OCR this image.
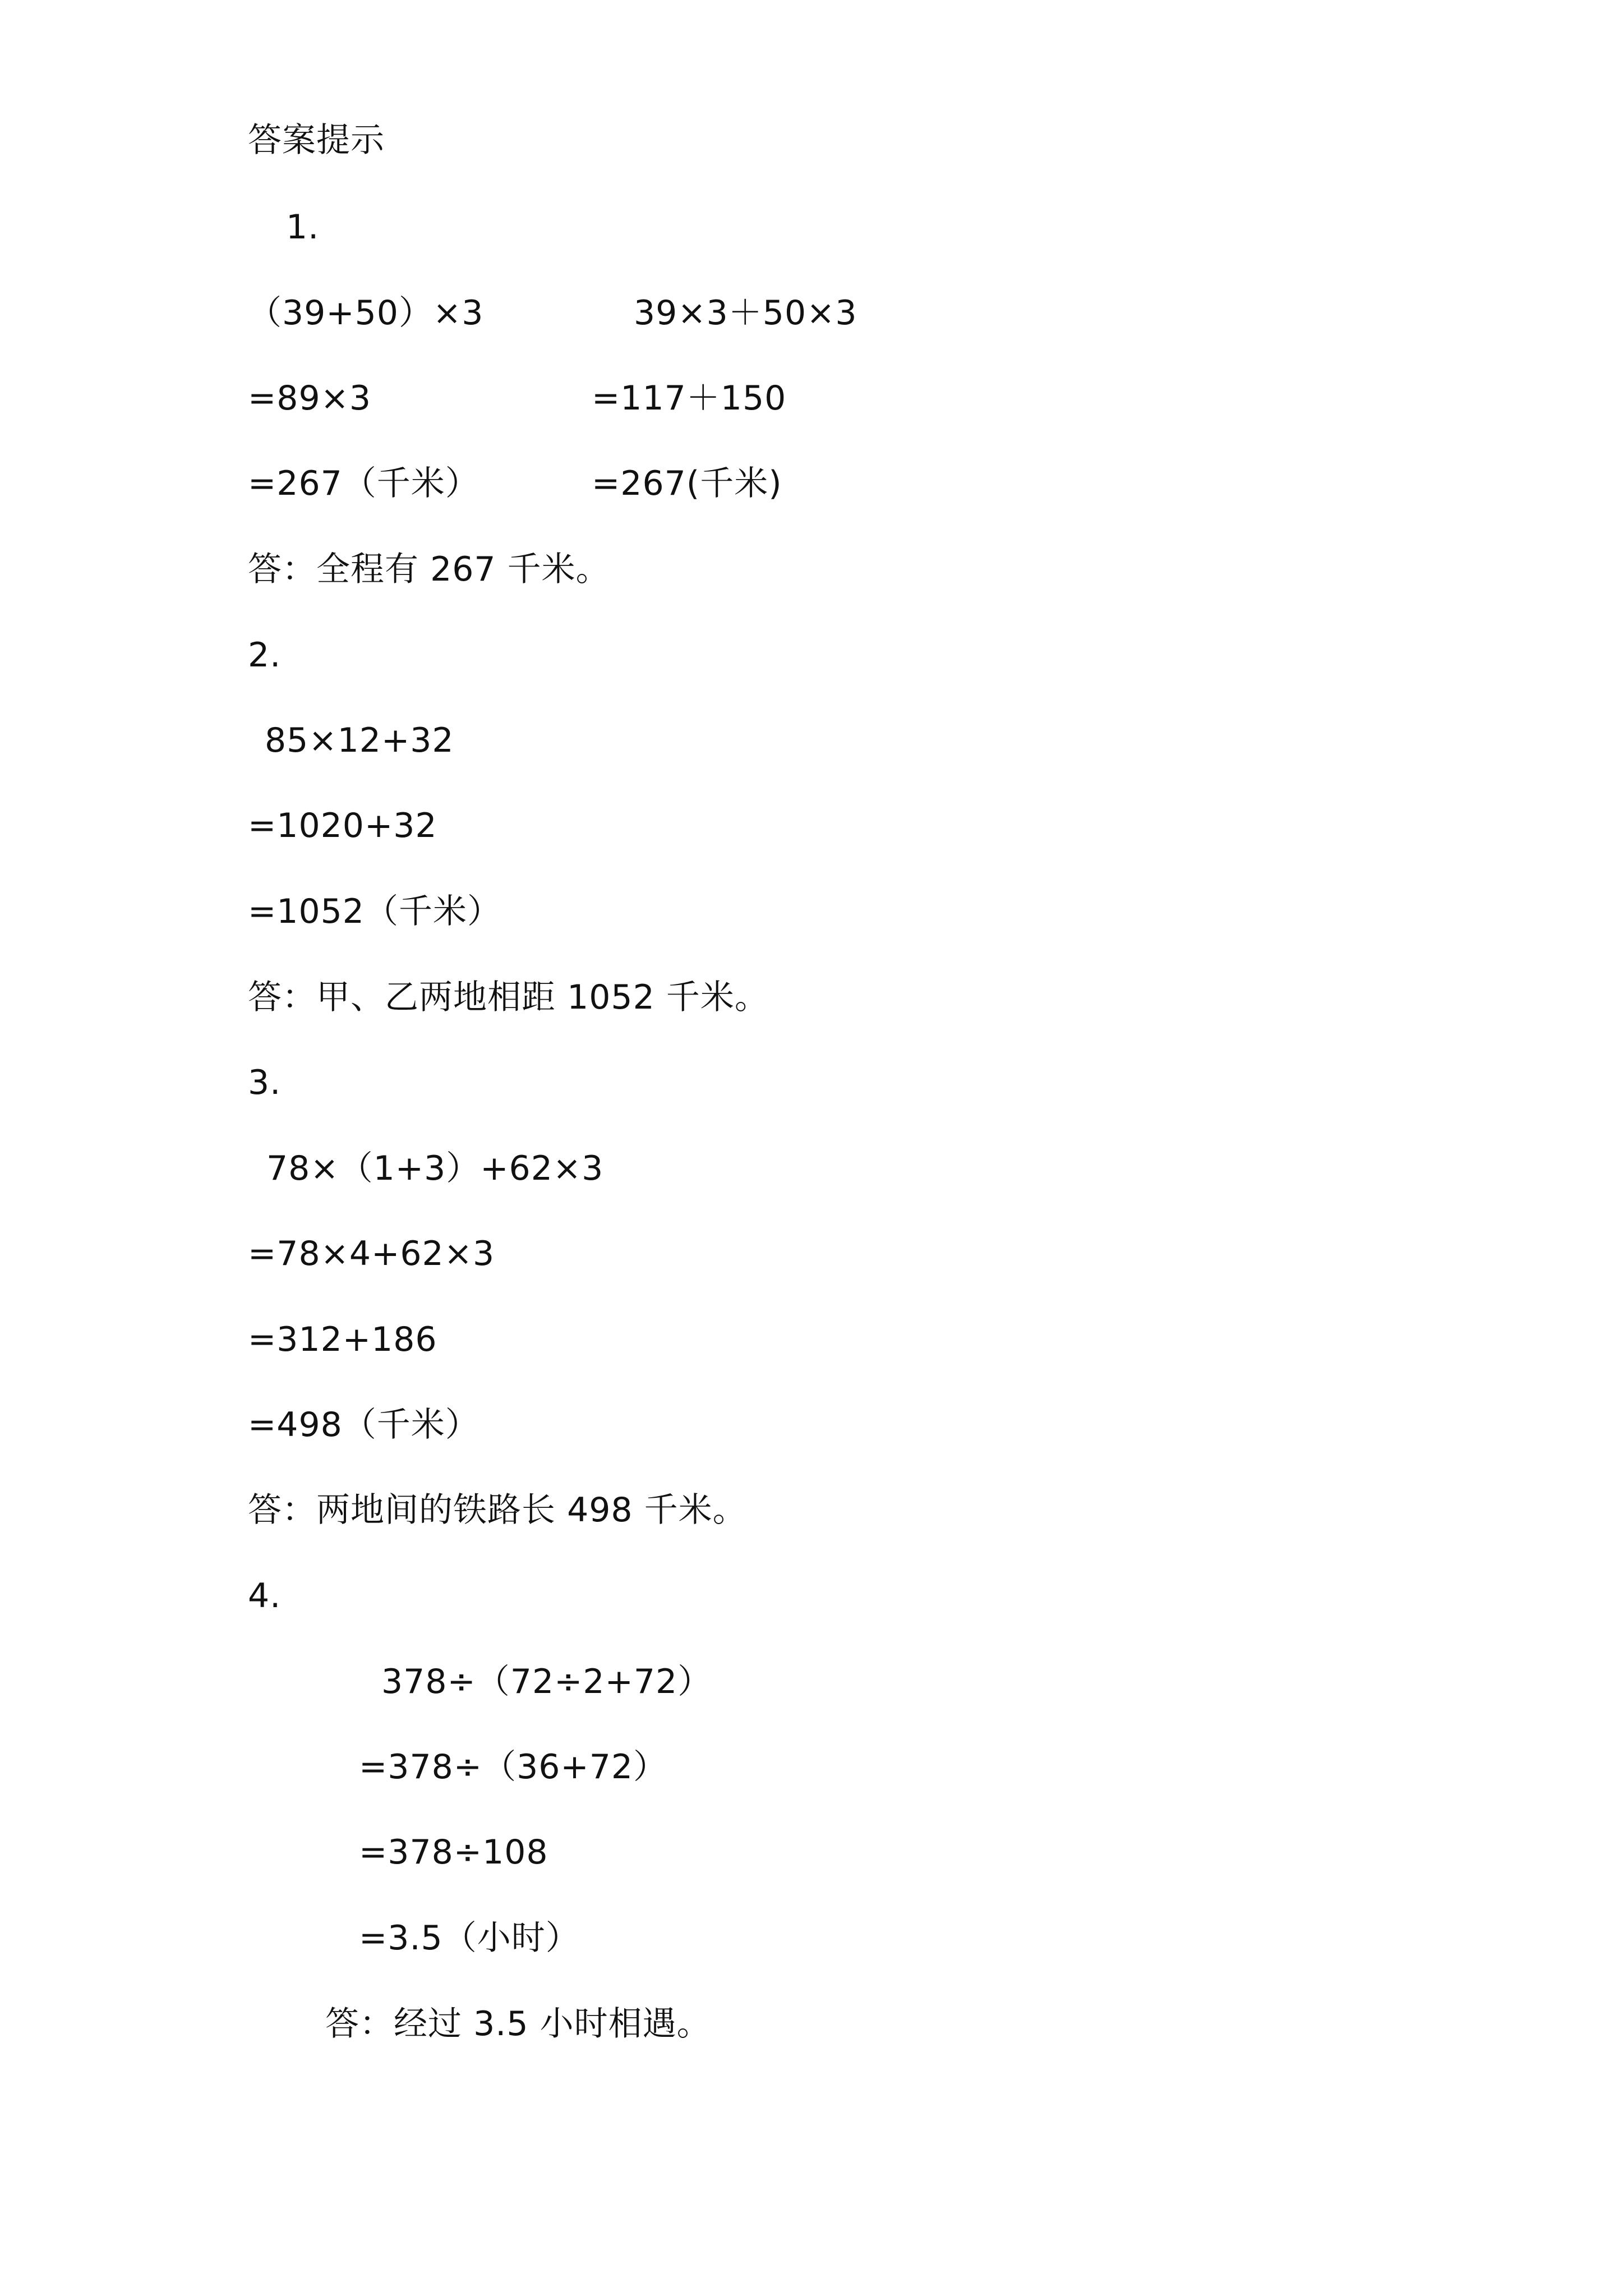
答案提示
1.
（39+50）×3	39×3＋50×3
=89×3	=117＋150
=267（千米）	=267(千米)
答：全程有 267 千米。
2.
85×12+32
=1020+32
=1052（千米）
答：甲、乙两地相距 1052 千米。
3.
78×（1+3）+62×3
=78×4+62×3
=312+186
=498（千米）
答：两地间的铁路长 498 千米。
4.
378÷（72÷2+72）
=378÷（36+72）
=378÷108
=3.5（小时）
答：经过 3.5 小时相遇。
